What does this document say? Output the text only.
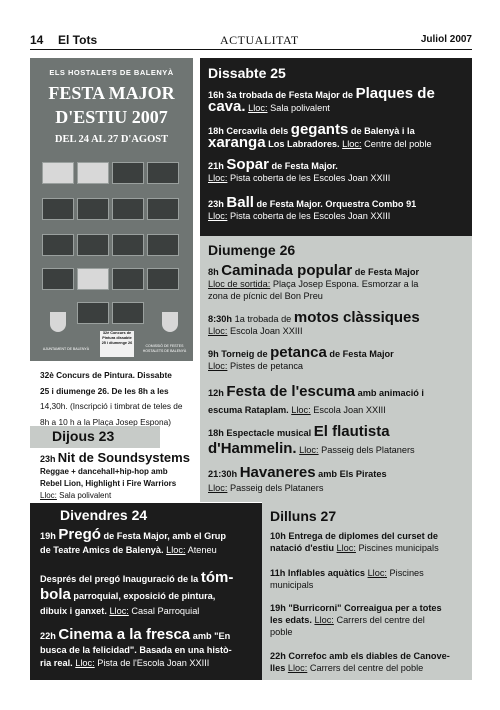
14 El Tots	ACTUALITAT	Juliol 2007
ELS HOSTALETS DE BALENYÀ
FESTA MAJOR
D'ESTIU 2007
DEL 24 AL 27 D'AGOST
32è Concurs de Pintura dissabte 25 i diumenge 26
AJUNTAMENT DE BALENYÀ
COMISSIÓ DE FESTES HOSTALETS DE BALENYÀ
32è Concurs de Pintura. Dissabte
25 i diumenge 26. De les 8h a les
14,30h. (Inscripció i timbrat de teles de
8h a 10 h a la Plaça Josep Espona)
Dijous 23
23h Nit de Soundsystems
Reggae + dancehall+hip-hop amb
Rebel Lion, Highlight i Fire Warriors
Lloc: Sala polivalent
Dissabte 25
16h 3a trobada de Festa Major de Plaques de
cava. Lloc: Sala polivalent
18h Cercavila dels gegants de Balenyà i la
xaranga Los Labradores. Lloc: Centre del poble
21h Sopar de Festa Major.
Lloc: Pista coberta de les Escoles Joan XXIII
23h Ball de Festa Major. Orquestra Combo 91
Lloc: Pista coberta de les Escoles Joan XXIII
Diumenge 26
8h Caminada popular de Festa Major
Lloc de sortida: Plaça Josep Espona. Esmorzar a la
zona de pícnic del Bon Preu
8:30h 1a trobada de motos clàssiques
Lloc: Escola Joan XXIII
9h Torneig de petanca de Festa Major
Lloc: Pistes de petanca
12h Festa de l'escuma amb animació i
escuma Rataplam. Lloc: Escola Joan XXIII
18h Espectacle musical El flautista
d'Hammelin. Lloc: Passeig dels Plataners
21:30h Havaneres amb Els Pirates
Lloc: Passeig dels Plataners
Divendres 24
19h Pregó de Festa Major, amb el Grup
de Teatre Amics de Balenyà. Lloc: Ateneu
Després del pregó Inauguració de la tóm-
bola parroquial, exposició de pintura,
dibuix i ganxet. Lloc: Casal Parroquial
22h Cinema a la fresca amb "En
busca de la felicidad". Basada en una histò-
ria real. Lloc: Pista de l'Escola Joan XXIII
Dilluns 27
10h Entrega de diplomes del curset de
natació d'estiu Lloc: Piscines municipals
11h Inflables aquàtics Lloc: Piscines
municipals
19h "Burricorni" Correaigua per a totes
les edats. Lloc: Carrers del centre del
poble
22h Correfoc amb els diables de Canove-
lles Lloc: Carrers del centre del poble
